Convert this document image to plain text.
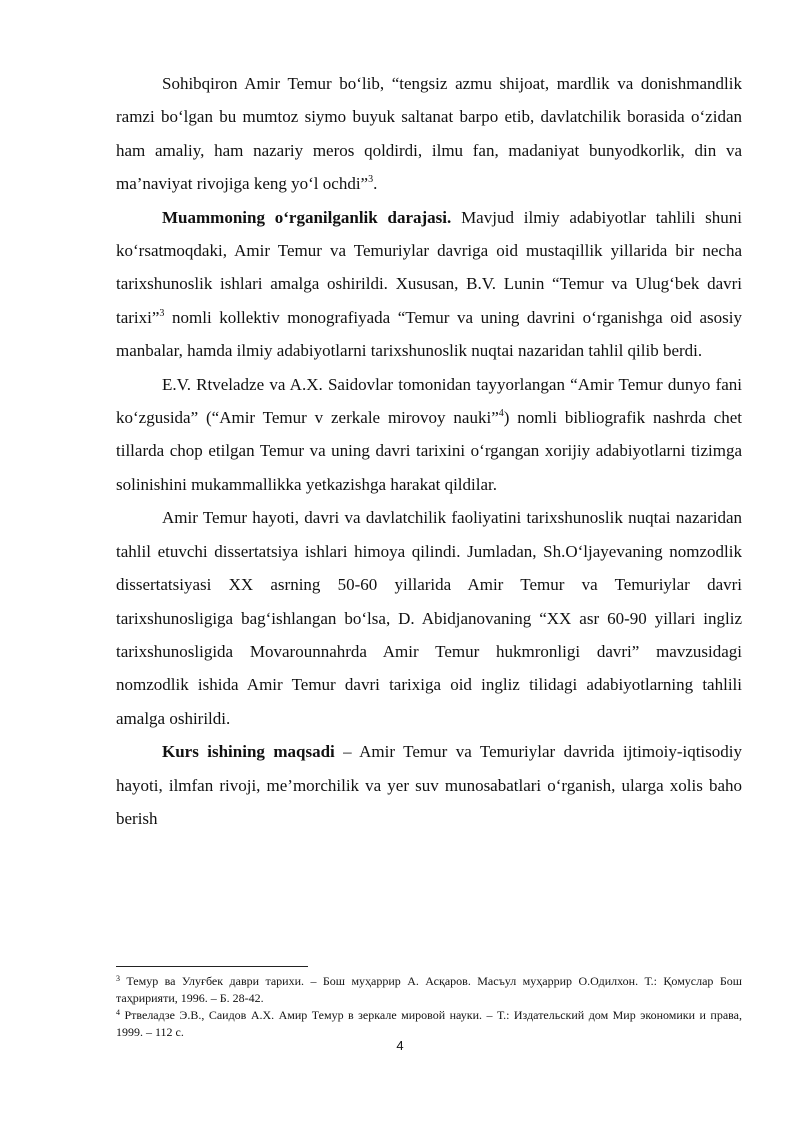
Sohibqiron Amir Temur bo‘lib, “tengsiz azmu shijoat, mardlik va donishmandlik ramzi bo‘lgan bu mumtoz siymo buyuk saltanat barpo etib, davlatchilik borasida o‘zidan ham amaliy, ham nazariy meros qoldirdi, ilmu fan, madaniyat bunyodkorlik, din va ma’naviyat rivojiga keng yo‘l ochdi”$^3$.

Muammoning o‘rganilganlik darajasi. Mavjud ilmiy adabiyotlar tahlili shuni ko‘rsatmoqdaki, Amir Temur va Temuriylar davriga oid mustaqillik yillarida bir necha tarixshunoslik ishlari amalga oshirildi. Xususan, B.V. Lunin “Temur va Ulug‘bek davri tarixi”$^3$ nomli kollektiv monografiyada “Temur va uning davrini o‘rganishga oid asosiy manbalar, hamda ilmiy adabiyotlarni tarixshunoslik nuqtai nazaridan tahlil qilib berdi.

E.V. Rtveladze va A.X. Saidovlar tomonidan tayyorlangan “Amir Temur dunyo fani ko‘zgusida” (“Amir Temur v zerkale mirovoy nauki”$^4$) nomli bibliografik nashrda chet tillarda chop etilgan Temur va uning davri tarixini o‘rgangan xorijiy adabiyotlarni tizimga solinishini mukammallikka yetkazishga harakat qildilar.

Amir Temur hayoti, davri va davlatchilik faoliyatini tarixshunoslik nuqtai nazaridan tahlil etuvchi dissertatsiya ishlari himoya qilindi. Jumladan, Sh.O‘ljayevaning nomzodlik dissertatsiyasi XX asrning 50-60 yillarida Amir Temur va Temuriylar davri tarixshunosligiga bag‘ishlangan bo‘lsa, D. Abidjanovaning “XX asr 60-90 yillari ingliz tarixshunosligida Movarounnahrda Amir Temur hukmronligi davri” mavzusidagi nomzodlik ishida Amir Temur davri tarixiga oid ingliz tilidagi adabiyotlarning tahlili amalga oshirildi.

Kurs ishining maqsadi – Amir Temur va Temuriylar davrida ijtimoiy-iqtisodiy hayoti, ilmfan rivoji, me’morchilik va yer suv munosabatlari o‘rganish, ularga xolis baho berish

$^3$ Темур ва Улуғбек даври тарихи. – Бош муҳаррир А. Асқаров. Масъул муҳаррир О.Одилхон. Т.: Қомуслар Бош таҳририяти, 1996. – Б. 28-42.

$^4$ Ртвеладзе Э.В., Саидов А.Х. Амир Темур в зеркале мировой науки. – Т.: Издательский дом Мир экономики и права, 1999. – 112 с.

4
